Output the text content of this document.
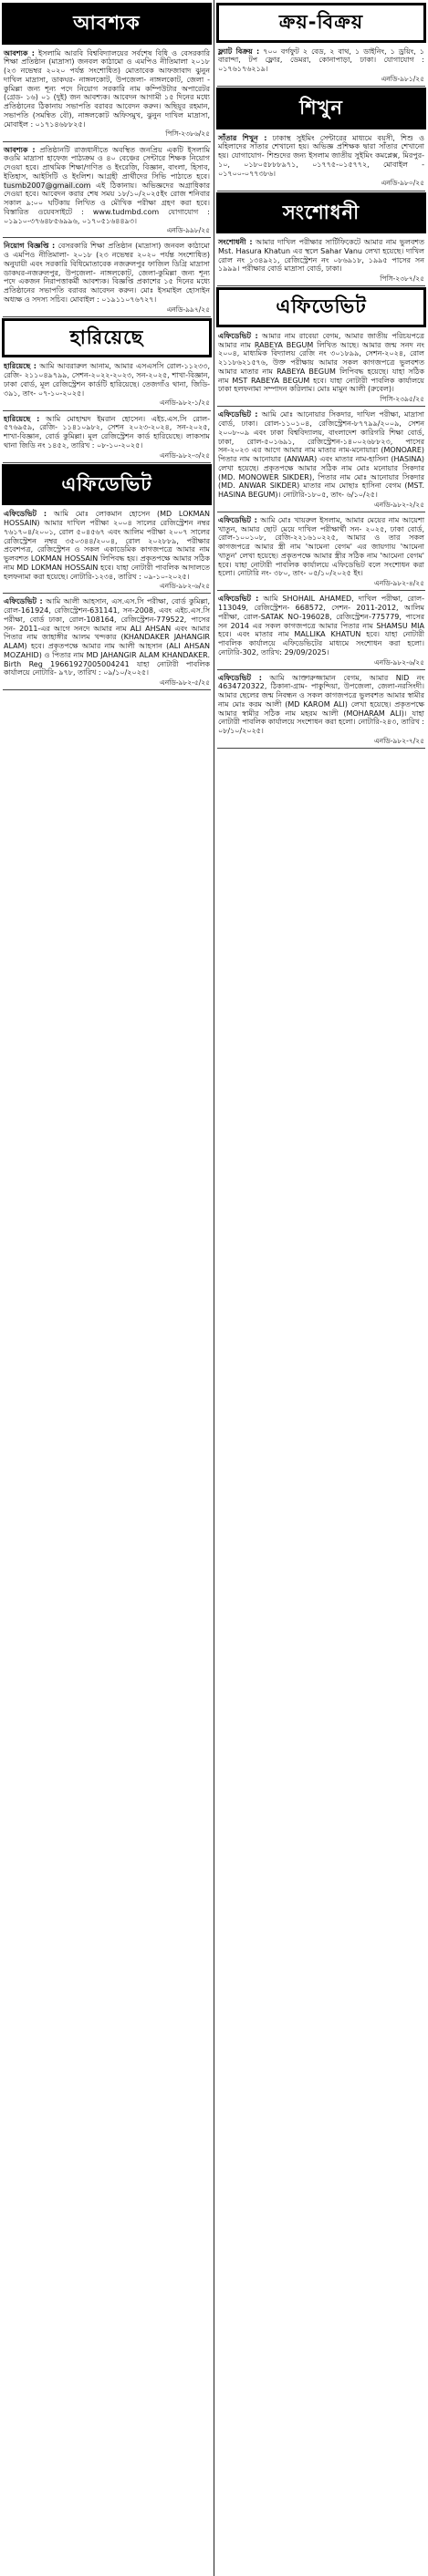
আবশ্যক
আবশ্যক : ইসলামি আরবি বিশ্ববিদ্যালয়ের সর্বশেষ বিধি ও বেসরকারি শিক্ষা প্রতিষ্ঠান (মাদ্রাসা) জনবল কাঠামো ও এমপিও নীতিমালা ২০১৮ (২৩ নভেম্বর ২০২০ পর্যন্ত সংশোধিত) মোতাবেক আফজাবাদ ঝুনুন দাখিল মাদ্রাসা, ডাকঘর- নাঙ্গলকোট, উপজেলা- নাঙ্গলকোট, জেলা - কুমিল্লা জন্য শূন্য পদে নিয়োগ সরকারি নাম কম্পিউটার অপারেটর (গ্রেড- ১৬) ০১ (দুই) জন আবশ্যক। আবেদন আগামী ১৫ দিনের মধ্যে প্রতিষ্ঠানের ঠিকানায় সভাপতি বরাবর আবেদন করুন। অছিয়ূর রহমান, সভাপতি (সমন্বিত বৌ), নাঙ্গলকোট অফিসমুখ, ঝুনুন দাখিল মাদ্রাসা, মোবাইল : ০১৭১৪৬৮৮২৫।
পিসি-২৩৮৬/২৫
আবশ্যক : প্রতিষ্ঠানটি রাজধানীতে অবস্থিত জনপ্রিয় একটি ইসলামি কওমি মাদ্রাসা হাফেজ পাঠ্যক্রম ও ৪০ বেঞ্চের সেন্টারে শিক্ষক নিয়োগ দেওয়া হবে। প্রাথমিক শিক্ষা/গণিত ও ইংরেজি, বিজ্ঞান, বাংলা, হিসাব, ইতিহাস, আইসিটি ও ইংলিশ। আগ্রহী প্রার্থীদের সিভি পাঠাতে হবে। tusmb2007@gmail.com এই ঠিকানায়। অভিজ্ঞদের অগ্রাধিকার দেওয়া হবে। আবেদন করার শেষ সময় ১৮/১০/২০২৫ইং রোজ শনিবার সকাল ৯:০০ ঘটিকায় লিখিত ও মৌখিক পরীক্ষা গ্রহণ করা হবে। বিস্তারিত ওয়েবসাইটে : www.tudmbd.com যোগাযোগ : ০১৯১০-৩৭৬৪৮৫৬৯৯৬, ০১৭০৫১৬৪৪৯৩।
এনডি-৯৯৮/২৫
নিয়োগ বিজ্ঞপ্তি : বেসরকারি শিক্ষা প্রতিষ্ঠান (মাদ্রাসা) জনবল কাঠামো ও এমপিও নীতিমালা- ২০১৮ (২৩ নভেম্বর ২০২০ পর্যন্ত সংশোধিত) অনুযায়ী এবং সরকারি বিধিমোতাবেক নজরুলপুর ফাজিল ডিগ্রি মাদ্রাসা ডাকঘর-নজরুলপুর, উপজেলা- নাঙ্গলকোট, জেলা-কুমিল্লা জন্য শূন্য পদে একজন নিরাপত্তাকর্মী আবশ্যক। বিজ্ঞপ্তি প্রকাশের ১৫ দিনের মধ্যে প্রতিষ্ঠানের সভাপতি বরাবর আবেদন করুন। মোঃ ইসমাইল হোসাইন অধ্যক্ষ ও সদস্য সচিব। মোবাইল : ০১৯১১০৭৬৭২৭।
এনডি-৯৯৭/২৫
হারিয়েছে
হারিয়েছে : আমি আবরারুল আনাম, আমার এসএসসি রোল-১১২৩৩, রেজি- ২১১০৪৯৭৯৯, সেশন-২০২২-২০২৩, সন-২০২৫, শাখা-বিজ্ঞান, ঢাকা বোর্ড, মূল রেজিস্ট্রেশন কার্ডটি হারিয়েছে। তেজগাঁও থানা, জিডি- ৩৯১, তাং- ০৭-১০-২০২৫।
এনডি-৯৮২-১/২৫
হারিয়েছে : আমি মোহাম্মদ ইমরান হোসেন। এইচ.এস.সি রোল- ৫৭৬৯৫৯, রেজি- ১১৪১০৯৮২, সেশন ২০২৩-২০২৪, সন-২০২৫, শাখা-বিজ্ঞান, বোর্ড কুমিল্লা। মূল রেজিস্ট্রেশন কার্ড হারিয়েছে। লাকসাম থানা জিডি নং ১৪৫২, তারিখ : ০৮-১০-২০২৫।
এনডি-৯৮২-৩/২৫
এফিডেভিট
এফিডেভিট : আমি মোঃ লোকমান হোসেন (MD LOKMAN HOSSAIN) আমার দাখিল পরীক্ষা ২০০৪ সালের রেজিস্ট্রেশন নম্বর ৭৬১৭০৪/২০০১, রোল ৫০৪৫৬৭ এবং আলিম পরীক্ষা ২০০৭ সালের রেজিস্ট্রেশন নম্বর ৩৫০৩৪৪/২০০৪, রোল ২০২৮৮৯, পরীক্ষার প্রবেশপত্র, রেজিস্ট্রেশন ও সকল একাডেমিক কাগজপত্রে আমার নাম ভুলবশত LOKMAN HOSSAIN লিপিবদ্ধ হয়। প্রকৃতপক্ষে আমার সঠিক নাম MD LOKMAN HOSSAIN হবে। যাহা নোটারী পাবলিক আদালতে হলফনামা করা হয়েছে। নোটারি-১২৩৪, তারিখ : ০৯-১০-২০২৫।
এনডি-৯৮২-৬/২৫
এফিডেভিট : আমি আলী আহসান, এস.এস.সি পরীক্ষা, বোর্ড কুমিল্লা, রোল-161924, রেজিস্ট্রেশন-631141, সন-2008, এবং এইচ.এস.সি পরীক্ষা, বোর্ড ঢাকা, রোল-108164, রেজিস্ট্রেশন-779522, পাসের সন- 2011-এর আগে সনদে আমার নাম ALI AHSAN এবং আমার পিতার নাম জাহাঙ্গীর আলম খন্দকার (KHANDAKER JAHANGIR ALAM) হবে। প্রকৃতপক্ষে আমার নাম আলী আহসান (ALI AHSAN MOZAHID) ও পিতার নাম MD JAHANGIR ALAM KHANDAKER. Birth Reg 19661927005004241 যাহা নোটারী পাবলিক কার্যালয়ে নোটারি- ৯৭৮, তারিখ : ০৯/১০/২০২৫।
এনডি-৯৮২-৫/২৫
ক্রয়-বিক্রয়
ফ্ল্যাট বিক্রয় : ৭০০ বর্গফুট ২ বেড, ২ বাথ, ১ ডাইনিং, ১ ড্রয়িং, ১ বারান্দা, টপ ফ্লোর, ডেমরা, কোনাপাড়া, ঢাকা। যোগাযোগ : ০১৭৬১৭৬২১৯।
এনডি-৯৮১/২৫
শিখুন
সাঁতার শিখুন : ঢাকাস্থ সুইমিং সেন্টারের মাধ্যমে বয়সী, শিশু ও মহিলাদের সাঁতার শেখানো হয়। অভিজ্ঞ প্রশিক্ষক দ্বারা সাঁতার শেখানো হয়। যোগাযোগ- শিশুদের জন্য ইসলাম জাতীয় সুইমিং কমপ্লেক্স, মিরপুর- ১০, ০১৮০৫৮৮৮৯৭১, ০১৭৭৫-০১৫৭৭২, মোবাইল - ০১৭০০-০৭৭৩৮৬।
এনডি-৯৮০/২৫
সংশোধনী
সংশোধনী : আমার দাখিল পরীক্ষার সার্টিফিকেটে আমার নাম ভুলবশত Mst. Hasura Khatun এর স্থলে Sahar Vanu লেখা হয়েছে। দাখিল রোল নং ১৩৪৯২১, রেজিস্ট্রেশন নং ০৮৬৯১৮, ১৯৯৫ পাসের সন ১৯৯৯। পরীক্ষার বোর্ড মাদ্রাসা বোর্ড, ঢাকা।
পিসি-২৩৮৭/২৫
এফিডেভিট
এফিডেভিট : আমার নাম রাবেয়া বেগম, আমার জাতীয় পরিচয়পত্রে আমার নাম RABEYA BEGUM লিখিত আছে। আমার জন্ম সনদ নং ২০০৪, মাধ্যমিক বিদ্যালয় রেজি নং ৩০১৮৯৯, সেশন-২০২৪, রোল ২১১৮৬২১৫৭৬, উক্ত পরীক্ষায় আমার সকল কাগজপত্রে ভুলবশত আমার মাতার নাম RABEYA BEGUM লিপিবদ্ধ হয়েছে। যাহা সঠিক নাম MST RABEYA BEGUM হবে। যাহা নোটারী পাবলিক কার্যালয়ে ঢাকা হলফনামা সম্পাদন করিলাম। মোঃ মামুন আলী (রুবেল)।
পিসি-২৩৯৫/২৫
এফিডেভিট : আমি মোঃ আনোয়ার সিকদার, দাখিল পরীক্ষা, মাদ্রাসা বোর্ড, ঢাকা। রোল-১১০১০৪, রেজিস্ট্রেশন-৮৭৭৯৯/২০০৯, সেশন ২০০৮-০৯ এবং ঢাকা বিশ্ববিদ্যালয়, বাংলাদেশ কারিগরি শিক্ষা বোর্ড, ঢাকা, রোল-৫০১৬৯১, রেজিস্ট্রেশন-১৪০০২৬৮৮২৩, পাসের সন-২০২৩ এর আগে আমার নাম মাতার নাম-মনোয়ারা (MONOARE) পিতার নাম আনোয়ার (ANWAR) এবং মাতার নাম-হাসিনা (HASINA) লেখা হয়েছে। প্রকৃতপক্ষে আমার সঠিক নাম মোঃ মনোয়ার সিকদার (MD. MONOWER SIKDER), পিতার নাম মোঃ আনোয়ার সিকদার (MD. ANWAR SIKDER) মাতার নাম মোছাঃ হাসিনা বেগম (MST. HASINA BEGUM)। নোটারি-১৮০৫, তাং- ৬/১০/২৫।
এনডি-৯৮২-২/২৫
এফিডেভিট : আমি মোঃ খায়রুল ইসলাম, আমার মেয়ের নাম আয়েশা খাতুন, আমার ছোট মেয়ে দাখিল পরীক্ষার্থী সন- ২০২৫, ঢাকা বোর্ড, রোল-১০০১০৮, রেজি-২২১৬১০২২৫, আমার ও তার সকল কাগজপত্রে আমার স্ত্রী নাম 'আমেনা বেগম' এর জায়গায় 'আমেনা খাতুন' লেখা হয়েছে। প্রকৃতপক্ষে আমার স্ত্রীর সঠিক নাম 'আমেনা বেগম' হবে। যাহা নোটারী পাবলিক কার্যালয়ে এফিডেভিট বলে সংশোধন করা হলো। নোটারি নং- ৩৮০, তাং- ০৫/১০/২০২৫ ইং।
এনডি-৯৮২-৪/২৫
এফিডেভিট : আমি SHOHAIL AHAMED, দাখিল পরীক্ষা, রোল- 113049, রেজিস্ট্রেশন- 668572, সেশন- 2011-2012, আলিম পরীক্ষা, রোল-SATAK NO-196028, রেজিস্ট্রেশন-775779, পাসের সন 2014 এর সকল কাগজপত্রে আমার পিতার নাম SHAMSU MIA হবে। এবং মাতার নাম MALLIKA KHATUN হবে। যাহা নোটারী পাবলিক কার্যালয়ে এফিডেভিটের মাধ্যমে সংশোধন করা হলো। নোটারি-302, তারিখ: 29/09/2025।
এনডি-৯৮২-৬/২৫
এফিডেভিট : আমি আক্তারুজ্জামান বেগম, আমার NID নং 4634720322, ঠিকানা-গ্রাম- পাকুন্দিয়া, উপজেলা, জেলা-নরসিংদী। আমার ছেলের জন্ম নিবন্ধন ও সকল কাগজপত্রে ভুলবশত আমার স্বামীর নাম মোঃ করম আলী (MD KAROM ALI) লেখা হয়েছে। প্রকৃতপক্ষে আমার স্বামীর সঠিক নাম মহরম আলী (MOHARAM ALI)। যাহা নোটারী পাবলিক কার্যালয়ে সংশোধন করা হলো। নোটারি-২৪৩, তারিখ : ০৮/১০/২০২৫।
এনডি-৯৮২-৭/২৫
